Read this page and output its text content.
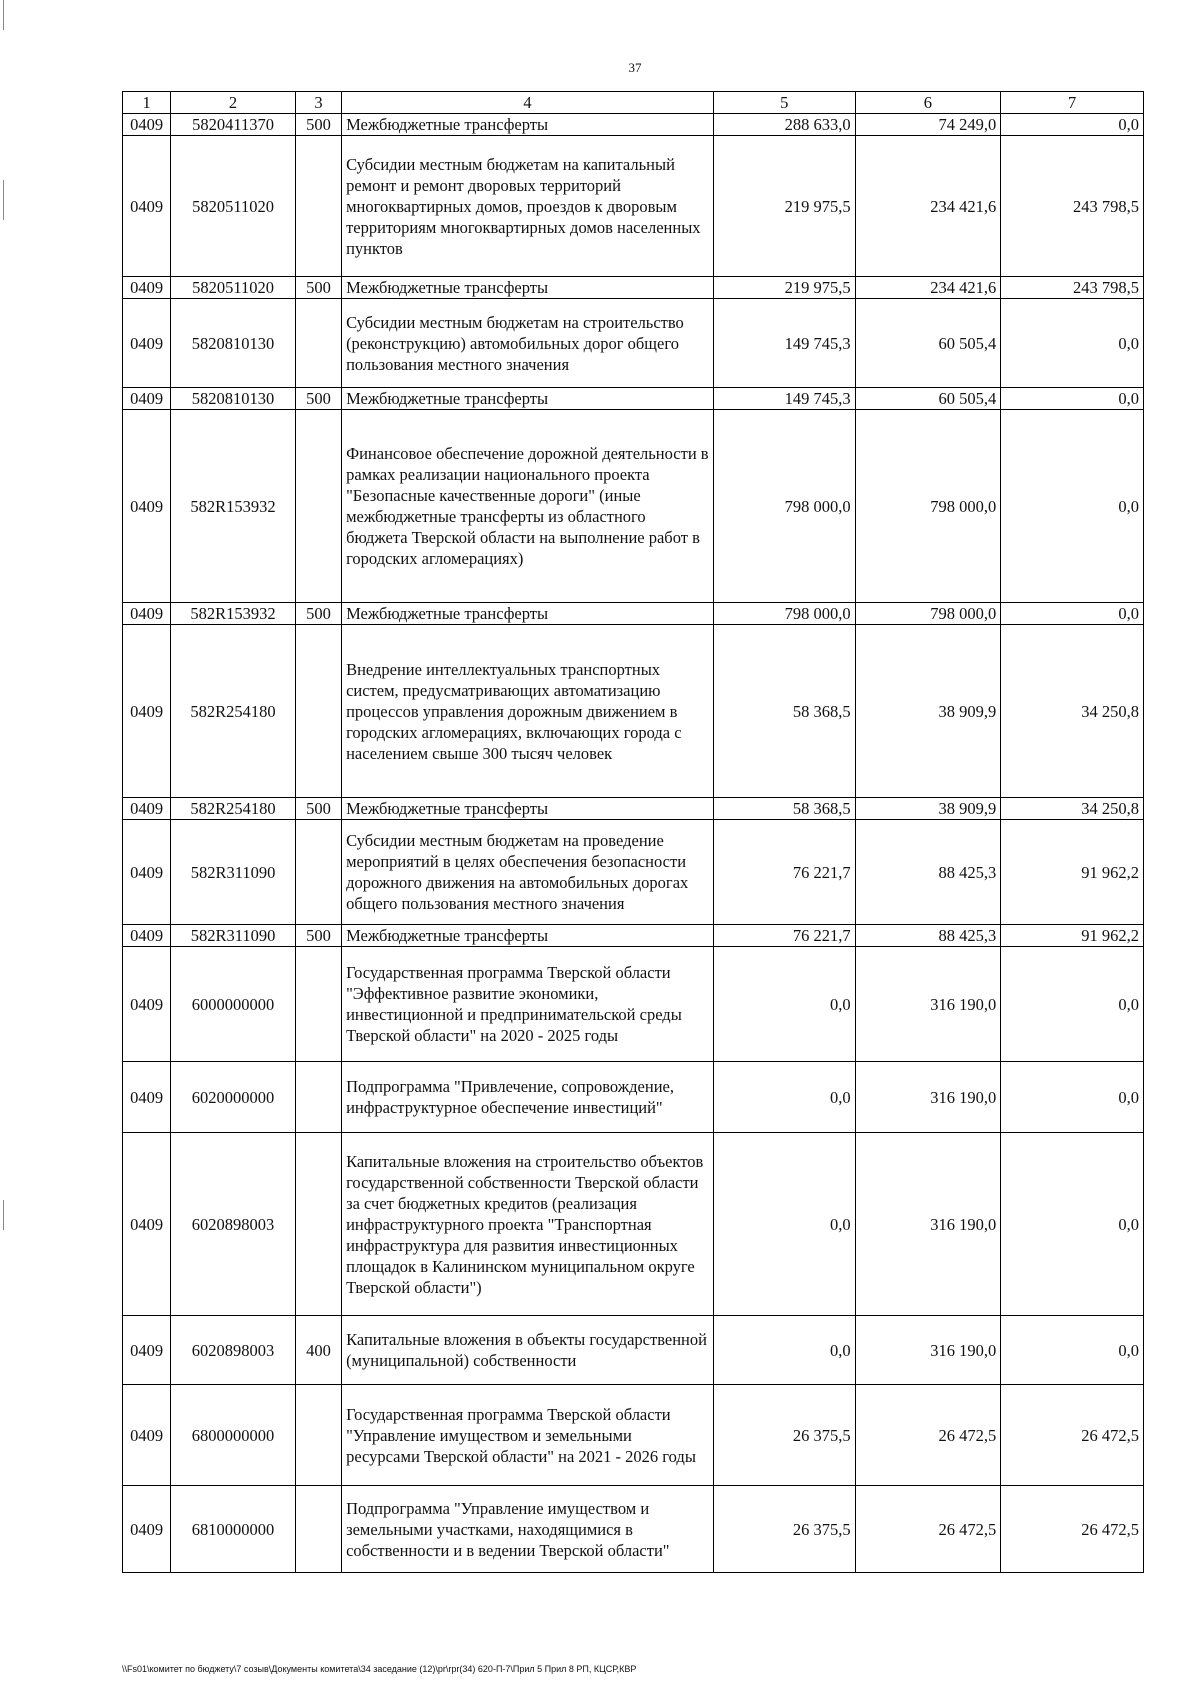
37
1	2	3	4	5	6	7
0409	5820411370	500	Межбюджетные трансферты	288 633,0	74 249,0	0,0
0409	5820511020		Субсидии местным бюджетам на капитальный ремонт и ремонт дворовых территорий многоквартирных домов, проездов к дворовым территориям многоквартирных домов населенных пунктов	219 975,5	234 421,6	243 798,5
0409	5820511020	500	Межбюджетные трансферты	219 975,5	234 421,6	243 798,5
0409	5820810130		Субсидии местным бюджетам на строительство (реконструкцию) автомобильных дорог общего пользования местного значения	149 745,3	60 505,4	0,0
0409	5820810130	500	Межбюджетные трансферты	149 745,3	60 505,4	0,0
0409	582R153932		Финансовое обеспечение дорожной деятельности в рамках реализации национального проекта "Безопасные качественные дороги" (иные межбюджетные трансферты из областного бюджета Тверской области на выполнение работ в городских агломерациях)	798 000,0	798 000,0	0,0
0409	582R153932	500	Межбюджетные трансферты	798 000,0	798 000,0	0,0
0409	582R254180		Внедрение интеллектуальных транспортных систем, предусматривающих автоматизацию процессов управления дорожным движением в городских агломерациях, включающих города с населением свыше 300 тысяч человек	58 368,5	38 909,9	34 250,8
0409	582R254180	500	Межбюджетные трансферты	58 368,5	38 909,9	34 250,8
0409	582R311090		Субсидии местным бюджетам на проведение мероприятий в целях обеспечения безопасности дорожного движения на автомобильных дорогах общего пользования местного значения	76 221,7	88 425,3	91 962,2
0409	582R311090	500	Межбюджетные трансферты	76 221,7	88 425,3	91 962,2
0409	6000000000		Государственная программа Тверской области "Эффективное развитие экономики, инвестиционной и предпринимательской среды Тверской области" на 2020 - 2025 годы	0,0	316 190,0	0,0
0409	6020000000		Подпрограмма "Привлечение, сопровождение, инфраструктурное обеспечение инвестиций"	0,0	316 190,0	0,0
0409	6020898003		Капитальные вложения на строительство объектов государственной собственности Тверской области за счет бюджетных кредитов (реализация инфраструктурного проекта "Транспортная инфраструктура для развития инвестиционных площадок в Калининском муниципальном округе Тверской области")	0,0	316 190,0	0,0
0409	6020898003	400	Капитальные вложения в объекты государственной (муниципальной) собственности	0,0	316 190,0	0,0
0409	6800000000		Государственная программа Тверской области "Управление имуществом и земельными ресурсами Тверской области" на 2021 - 2026 годы	26 375,5	26 472,5	26 472,5
0409	6810000000		Подпрограмма "Управление имуществом и земельными участками, находящимися в собственности и в ведении Тверской области"	26 375,5	26 472,5	26 472,5
\\Fs01\комитет по бюджету\7 созыв\Документы комитета\34 заседание (12)\pr\rpr(34) 620-П-7\Прил 5 Прил 8 РП, КЦСР,КВР
